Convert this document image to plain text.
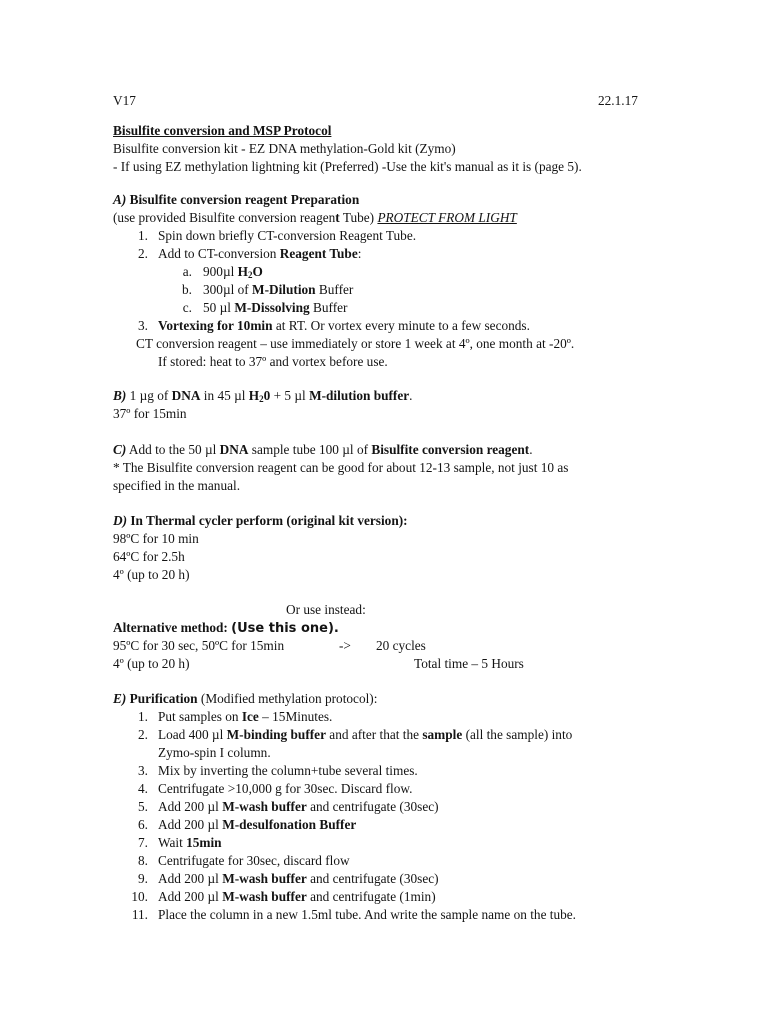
V17	22.1.17
Bisulfite conversion and MSP Protocol
Bisulfite conversion kit - EZ DNA methylation-Gold kit (Zymo)
- If using EZ methylation lightning kit (Preferred) -Use the kit's manual as it is (page 5).
A) Bisulfite conversion reagent Preparation
(use provided Bisulfite conversion reagent Tube) PROTECT FROM LIGHT
1. Spin down briefly CT-conversion Reagent Tube.
2. Add to CT-conversion Reagent Tube:
a. 900µl $H_2O$
b. 300µl of M-Dilution Buffer
c. 50 µl M-Dissolving Buffer
3. Vortexing for 10min at RT. Or vortex every minute to a few seconds.
CT conversion reagent – use immediately or store 1 week at 4º, one month at -20º.
If stored: heat to 37º and vortex before use.
B) 1 µg of DNA in 45 µl $H_20 + 5$ µl M-dilution buffer.
37º for 15min
C) Add to the 50 µl DNA sample tube 100 µl of Bisulfite conversion reagent.
* The Bisulfite conversion reagent can be good for about 12-13 sample, not just 10 as
specified in the manual.
D) In Thermal cycler perform (original kit version):
98ºC for 10 min
64ºC for 2.5h
4º (up to 20 h)
Or use instead:
Alternative method: (Use this one).
95ºC for 30 sec, 50ºC for 15min	-> 20 cycles
4º (up to 20 h)	Total time – 5 Hours
E) Purification (Modified methylation protocol):
1. Put samples on Ice – 15Minutes.
2. Load 400 µl M-binding buffer and after that the sample (all the sample) into
Zymo-spin I column.
3. Mix by inverting the column+tube several times.
4. Centrifugate >10,000 g for 30sec. Discard flow.
5. Add 200 µl M-wash buffer and centrifugate (30sec)
6. Add 200 µl M-desulfonation Buffer
7. Wait 15min
8. Centrifugate for 30sec, discard flow
9. Add 200 µl M-wash buffer and centrifugate (30sec)
10. Add 200 µl M-wash buffer and centrifugate (1min)
11. Place the column in a new 1.5ml tube. And write the sample name on the tube.
